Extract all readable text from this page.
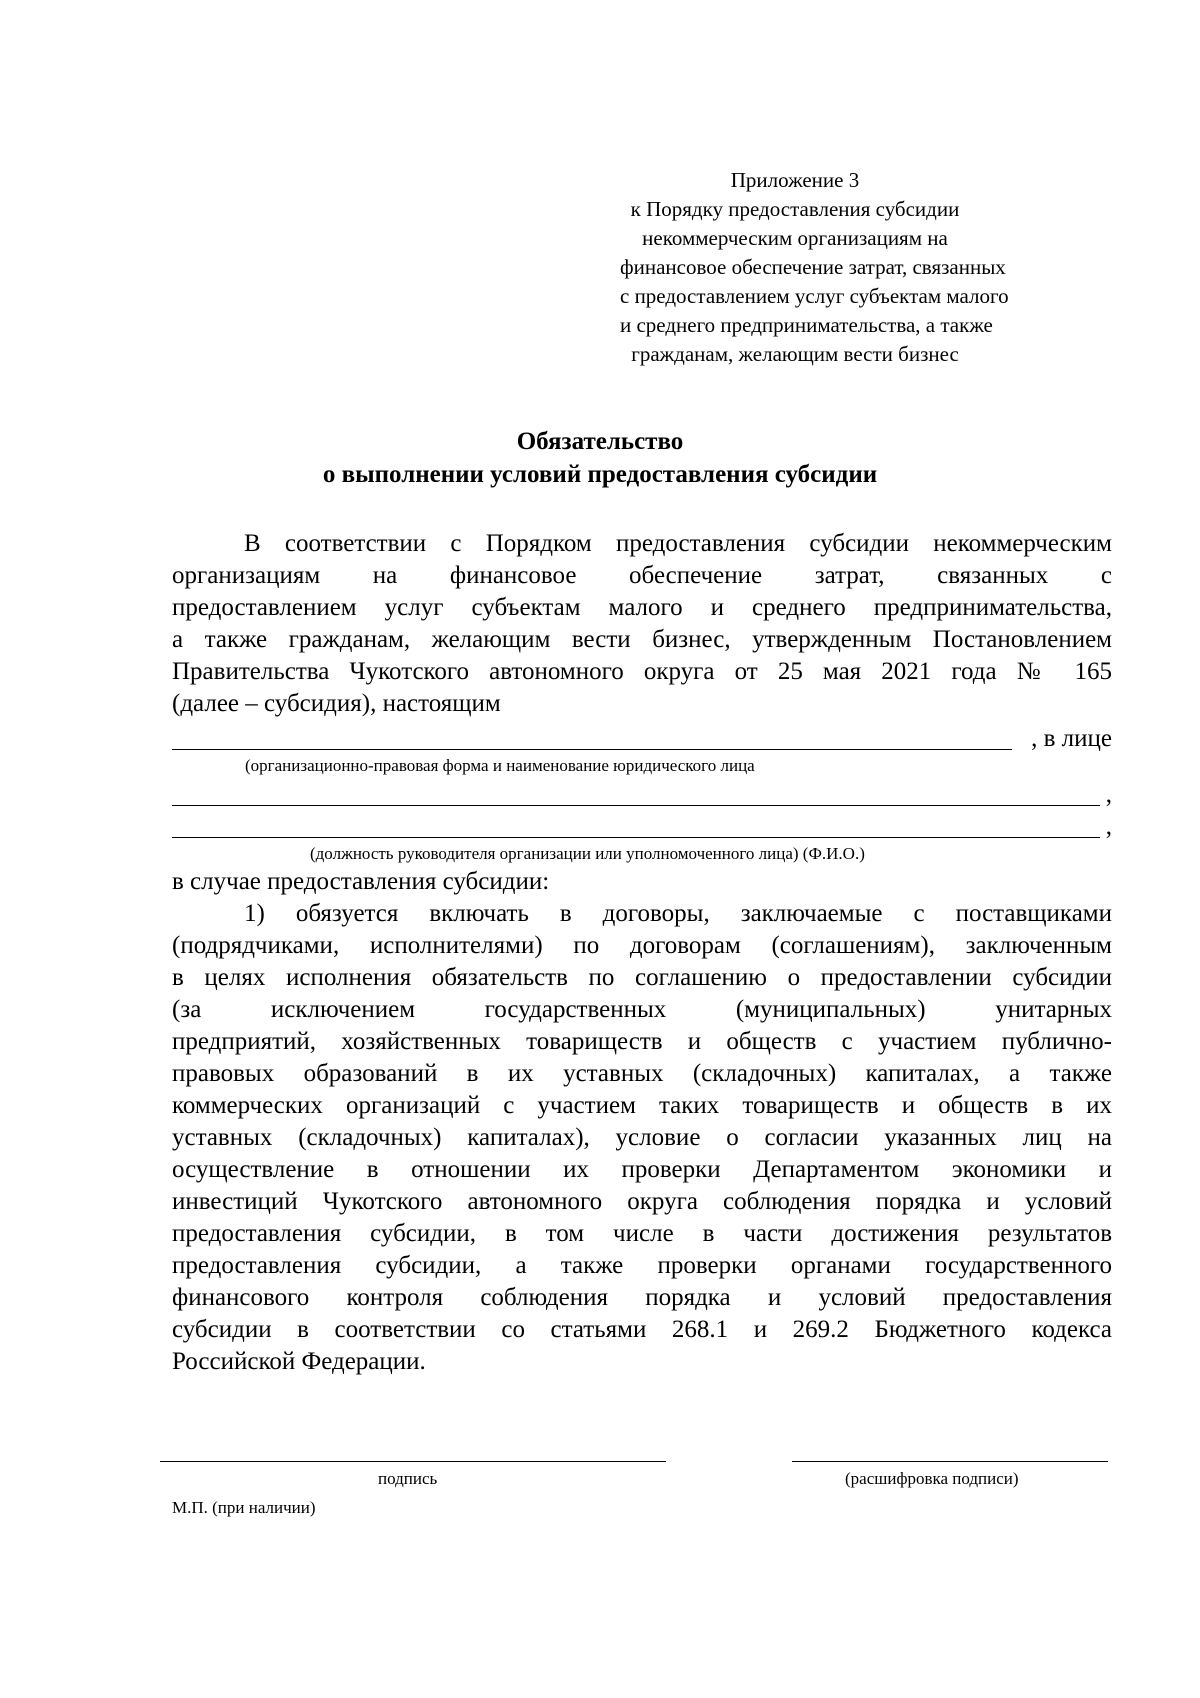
Приложение 3
к Порядку предоставления субсидии
некоммерческим организациям на
финансовое обеспечение затрат, связанных
с предоставлением услуг субъектам малого
и среднего предпринимательства, а также
гражданам, желающим вести бизнес
Обязательство
о выполнении условий предоставления субсидии
В соответствии с Порядком предоставления субсидии некоммерческим
организациям на финансовое обеспечение затрат, связанных с
предоставлением услуг субъектам малого и среднего предпринимательства,
а также гражданам, желающим вести бизнес, утвержденным Постановлением
Правительства Чукотского автономного округа от 25 мая 2021 года № 165
(далее – субсидия), настоящим
, в лице
(организационно-правовая форма и наименование юридического лица
,
,
(должность руководителя организации или уполномоченного лица) (Ф.И.О.)
в случае предоставления субсидии:
1) обязуется включать в договоры, заключаемые с поставщиками
(подрядчиками, исполнителями) по договорам (соглашениям), заключенным
в целях исполнения обязательств по соглашению о предоставлении субсидии
(за исключением государственных (муниципальных) унитарных
предприятий, хозяйственных товариществ и обществ с участием публично-
правовых образований в их уставных (складочных) капиталах, а также
коммерческих организаций с участием таких товариществ и обществ в их
уставных (складочных) капиталах), условие о согласии указанных лиц на
осуществление в отношении их проверки Департаментом экономики и
инвестиций Чукотского автономного округа соблюдения порядка и условий
предоставления субсидии, в том числе в части достижения результатов
предоставления субсидии, а также проверки органами государственного
финансового контроля соблюдения порядка и условий предоставления
субсидии в соответствии со статьями 268.1 и 269.2 Бюджетного кодекса
Российской Федерации.
подпись	(расшифровка подписи)
М.П. (при наличии)
